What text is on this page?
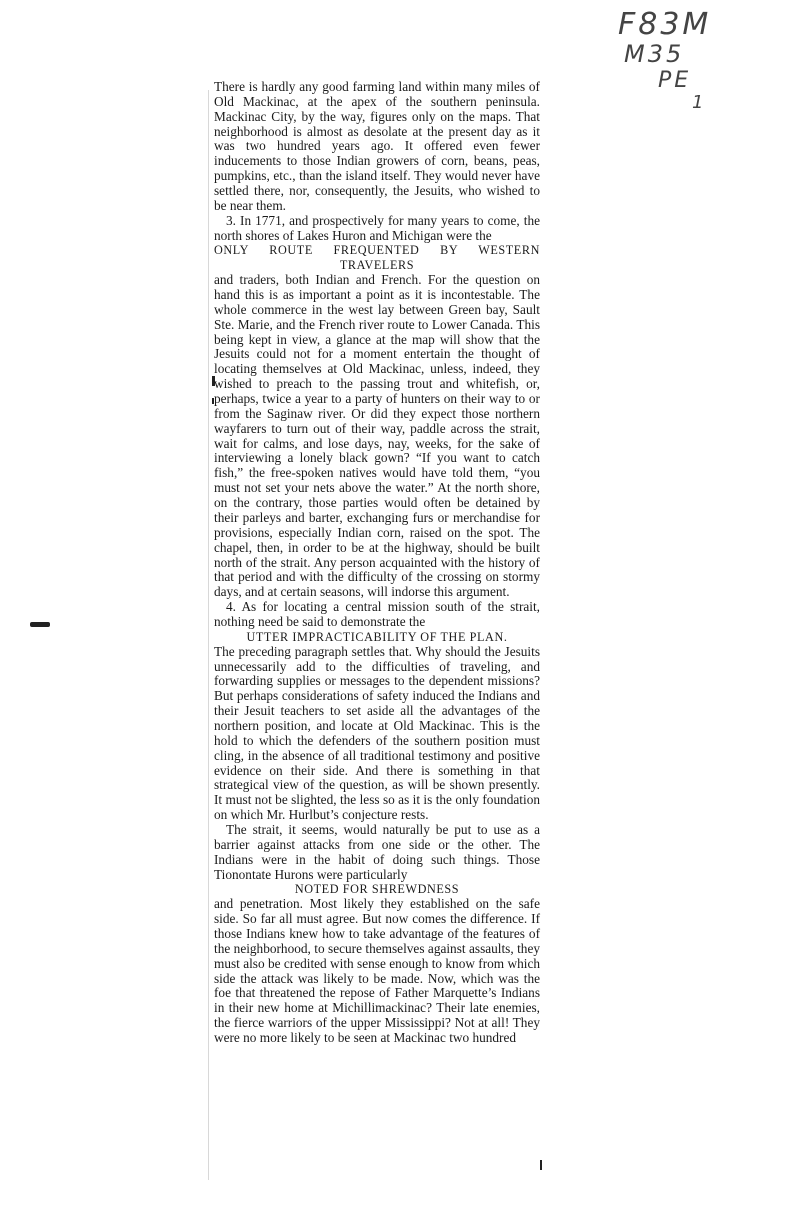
F83M
M35
PE
1

There is hardly any good farming land within many miles of Old Mackinac, at the apex of the southern peninsula. Mackinac City, by the way, figures only on the maps. That neighborhood is almost as desolate at the present day as it was two hundred years ago. It offered even fewer inducements to those Indian growers of corn, beans, peas, pumpkins, etc., than the island itself. They would never have settled there, nor, consequently, the Jesuits, who wished to be near them.

3. In 1771, and prospectively for many years to come, the north shores of Lakes Huron and Michigan were the

ONLY ROUTE FREQUENTED BY WESTERN TRAVELERS

and traders, both Indian and French. For the question on hand this is as important a point as it is incontestable. The whole commerce in the west lay between Green bay, Sault Ste. Marie, and the French river route to Lower Canada. This being kept in view, a glance at the map will show that the Jesuits could not for a moment entertain the thought of locating themselves at Old Mackinac, unless, indeed, they wished to preach to the passing trout and whitefish, or, perhaps, twice a year to a party of hunters on their way to or from the Saginaw river. Or did they expect those northern wayfarers to turn out of their way, paddle across the strait, wait for calms, and lose days, nay, weeks, for the sake of interviewing a lonely black gown? “If you want to catch fish,” the free-spoken natives would have told them, “you must not set your nets above the water.” At the north shore, on the contrary, those parties would often be detained by their parleys and barter, exchanging furs or merchandise for provisions, especially Indian corn, raised on the spot. The chapel, then, in order to be at the highway, should be built north of the strait. Any person acquainted with the history of that period and with the difficulty of the crossing on stormy days, and at certain seasons, will indorse this argument.

4. As for locating a central mission south of the strait, nothing need be said to demonstrate the

UTTER IMPRACTICABILITY OF THE PLAN.

The preceding paragraph settles that. Why should the Jesuits unnecessarily add to the difficulties of traveling, and forwarding supplies or messages to the dependent missions? But perhaps considerations of safety induced the Indians and their Jesuit teachers to set aside all the advantages of the northern position, and locate at Old Mackinac. This is the hold to which the defenders of the southern position must cling, in the absence of all traditional testimony and positive evidence on their side. And there is something in that strategical view of the question, as will be shown presently. It must not be slighted, the less so as it is the only foundation on which Mr. Hurlbut’s conjecture rests.

The strait, it seems, would naturally be put to use as a barrier against attacks from one side or the other. The Indians were in the habit of doing such things. Those Tionontate Hurons were particularly

NOTED FOR SHREWDNESS

and penetration. Most likely they established on the safe side. So far all must agree. But now comes the difference. If those Indians knew how to take advantage of the features of the neighborhood, to secure themselves against assaults, they must also be credited with sense enough to know from which side the attack was likely to be made. Now, which was the foe that threatened the repose of Father Marquette’s Indians in their new home at Michillimackinac? Their late enemies, the fierce warriors of the upper Mississippi? Not at all! They were no more likely to be seen at Mackinac two hundred
